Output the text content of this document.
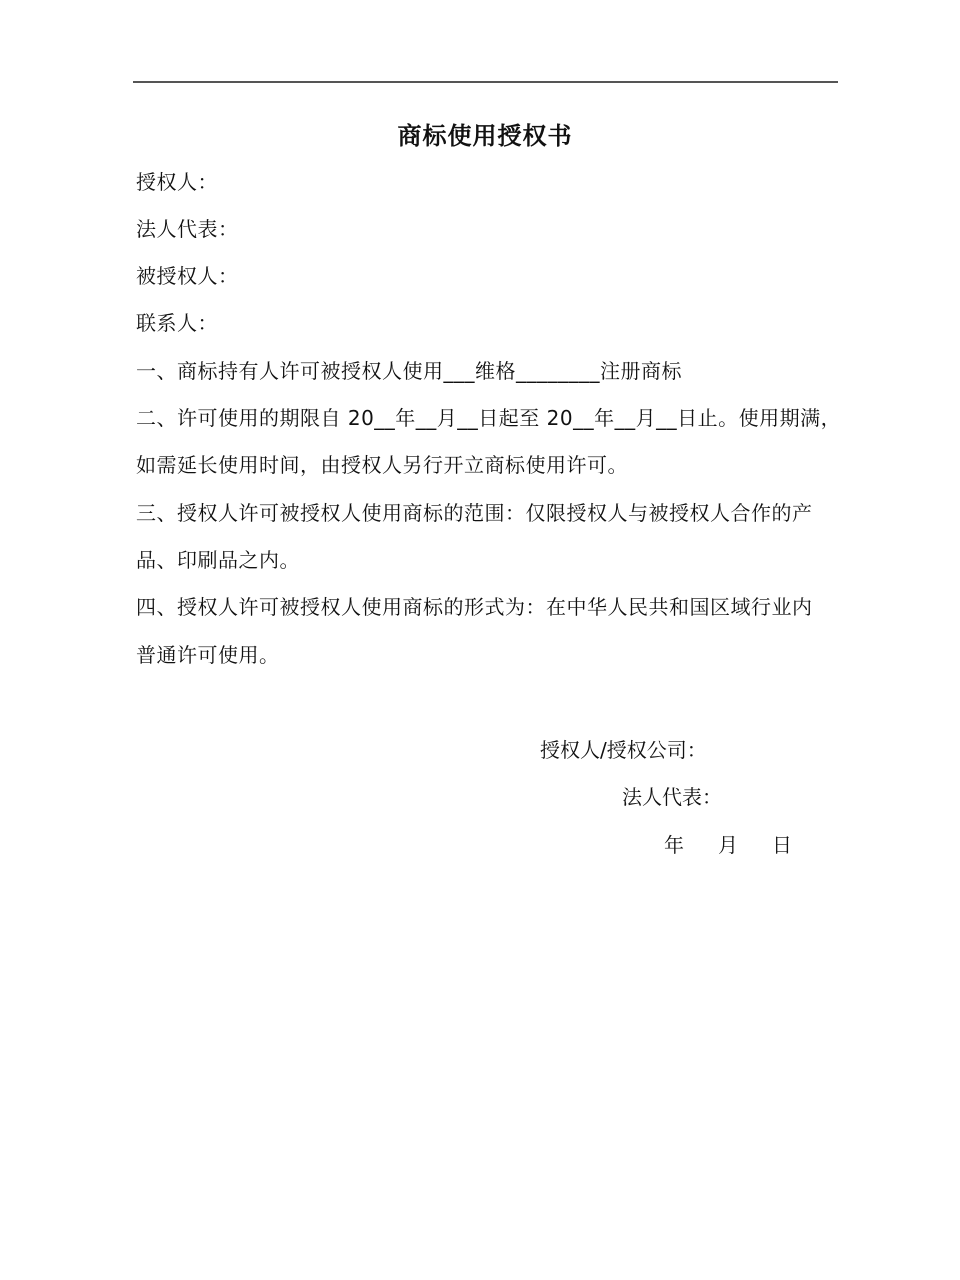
商标使用授权书
授权人：
法人代表：
被授权人：
联系人：
一、商标持有人许可被授权人使用___维格________注册商标
二、许可使用的期限自 20__年__月__日起至 20__年__月__日止。使用期满，
如需延长使用时间，由授权人另行开立商标使用许可。
三、授权人许可被授权人使用商标的范围：仅限授权人与被授权人合作的产
品、印刷品之内。
四、授权人许可被授权人使用商标的形式为：在中华人民共和国区域行业内
普通许可使用。
授权人/授权公司：
法人代表：
年 月 日
